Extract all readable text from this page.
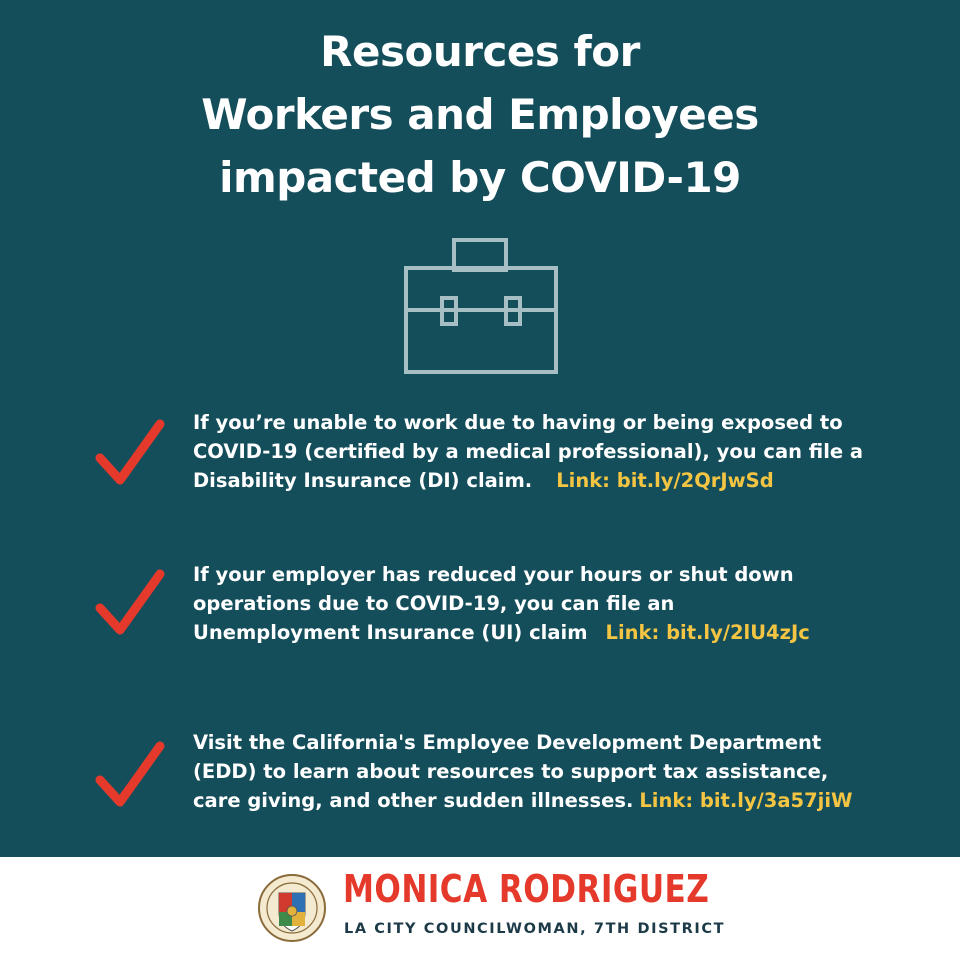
Resources for
Workers and Employees
impacted by COVID-19
If you’re unable to work due to having or being exposed to
COVID-19 (certified by a medical professional), you can file a
Disability Insurance (DI) claim. Link: bit.ly/2QrJwSd
If your employer has reduced your hours or shut down
operations due to COVID-19, you can file an
Unemployment Insurance (UI) claim Link: bit.ly/2lU4zJc
Visit the California's Employee Development Department
(EDD) to learn about resources to support tax assistance,
care giving, and other sudden illnesses. Link: bit.ly/3a57jiW
MONICA RODRIGUEZ
LA CITY COUNCILWOMAN, 7TH DISTRICT
